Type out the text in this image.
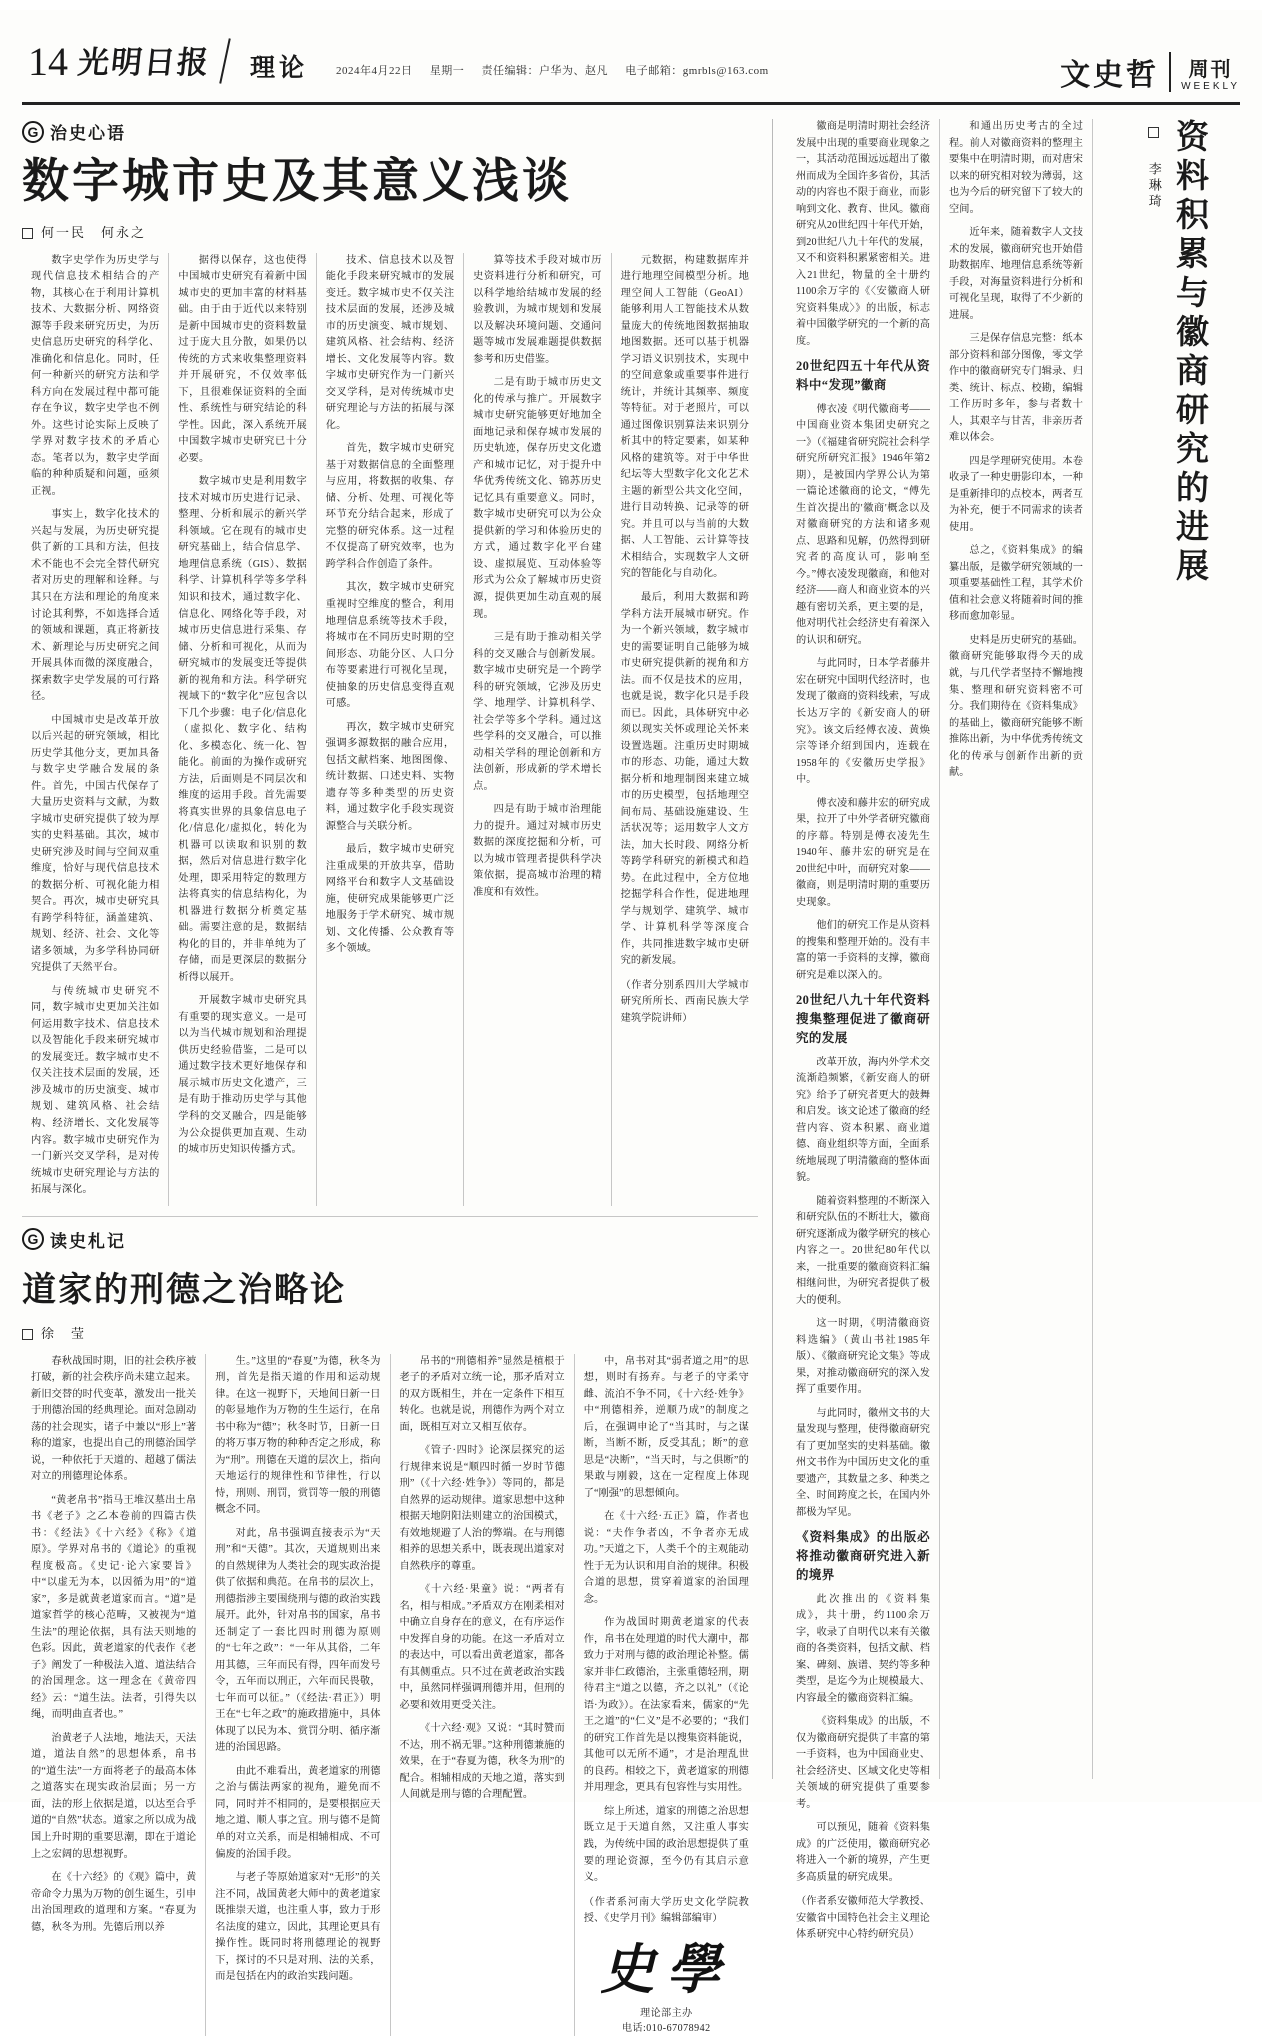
14 光明日报	理论	2024年4月22日 星期一 责任编辑：户华为、赵凡 电子邮箱：gmrbls@163.com	文史哲	周刊
WEEKLY
G 治史心语
数字城市史及其意义浅谈
何一民　何永之

数字史学作为历史学与现代信息技术相结合的产物，其核心在于利用计算机技术、大数据分析、网络资源等手段来研究历史，为历史信息历史研究的科学化、准确化和信息化。同时，任何一种新兴的研究方法和学科方向在发展过程中都可能存在争议，数字史学也不例外。这些讨论实际上反映了学界对数字技术的矛盾心态。笔者以为，数字史学面临的种种质疑和问题，亟须正视。

事实上，数字化技术的兴起与发展，为历史研究提供了新的工具和方法，但技术不能也不会完全替代研究者对历史的理解和诠释。与其只在方法和理论的角度来讨论其利弊，不如选择合适的领域和课题，真正将新技术、新理论与历史研究之间开展具体而微的深度融合，探索数字史学发展的可行路径。

中国城市史是改革开放以后兴起的研究领域，相比历史学其他分支，更加具备与数字史学融合发展的条件。首先，中国古代保存了大量历史资料与文献，为数字城市史研究提供了较为厚实的史料基础。其次，城市史研究涉及时间与空间双重维度，恰好与现代信息技术的数据分析、可视化能力相契合。再次，城市史研究具有跨学科特征，涵盖建筑、规划、经济、社会、文化等诸多领域，为多学科协同研究提供了天然平台。

与传统城市史研究不同，数字城市史更加关注如何运用数字技术、信息技术以及智能化手段来研究城市的发展变迁。数字城市史不仅关注技术层面的发展，还涉及城市的历史演变、城市规划、建筑风格、社会结构、经济增长、文化发展等内容。数字城市史研究作为一门新兴交叉学科，是对传统城市史研究理论与方法的拓展与深化。

据得以保存，这也使得中国城市史研究有着新中国城市史的更加丰富的材料基础。由于由于近代以来特别是新中国城市史的资料数量过于庞大且分散，如果仍以传统的方式来收集整理资料并开展研究，不仅效率低下，且很难保证资料的全面性、系统性与研究结论的科学性。因此，深入系统开展中国数字城市史研究已十分必要。

数字城市史是利用数字技术对城市历史进行记录、整理、分析和展示的新兴学科领域。它在现有的城市史研究基础上，结合信息学、地理信息系统（GIS）、数据科学、计算机科学等多学科知识和技术，通过数字化、信息化、网络化等手段，对城市历史信息进行采集、存储、分析和可视化，从而为研究城市的发展变迁等提供新的视角和方法。科学研究视域下的“数字化”应包含以下几个步骤：电子化/信息化（虚拟化、数字化、结构化、多模态化、统一化、智能化。前面的为操作或研究方法，后面则是不同层次和维度的运用手段。首先需要将真实世界的具象信息电子化/信息化/虚拟化，转化为机器可以读取和识别的数据，然后对信息进行数字化处理，即采用特定的数理方法将真实的信息结构化，为机器进行数据分析奠定基础。需要注意的是，数据结构化的目的，并非单纯为了存储，而是更深层的数据分析得以展开。

开展数字城市史研究具有重要的现实意义。一是可以为当代城市规划和治理提供历史经验借鉴，二是可以通过数字技术更好地保存和展示城市历史文化遗产，三是有助于推动历史学与其他学科的交叉融合，四是能够为公众提供更加直观、生动的城市历史知识传播方式。

技术、信息技术以及智能化手段来研究城市的发展变迁。数字城市史不仅关注技术层面的发展，还涉及城市的历史演变、城市规划、建筑风格、社会结构、经济增长、文化发展等内容。数字城市史研究作为一门新兴交叉学科，是对传统城市史研究理论与方法的拓展与深化。

首先，数字城市史研究基于对数据信息的全面整理与应用，将数据的收集、存储、分析、处理、可视化等环节充分结合起来，形成了完整的研究体系。这一过程不仅提高了研究效率，也为跨学科合作创造了条件。

其次，数字城市史研究重视时空维度的整合，利用地理信息系统等技术手段，将城市在不同历史时期的空间形态、功能分区、人口分布等要素进行可视化呈现，使抽象的历史信息变得直观可感。

再次，数字城市史研究强调多源数据的融合应用，包括文献档案、地图图像、统计数据、口述史料、实物遗存等多种类型的历史资料，通过数字化手段实现资源整合与关联分析。

最后，数字城市史研究注重成果的开放共享，借助网络平台和数字人文基础设施，使研究成果能够更广泛地服务于学术研究、城市规划、文化传播、公众教育等多个领域。

算等技术手段对城市历史资料进行分析和研究，可以科学地给结城市发展的经验教训，为城市规划和发展以及解决环境问题、交通问题等城市发展难题提供数据参考和历史借鉴。

二是有助于城市历史文化的传承与推广。开展数字城市史研究能够更好地加全面地记录和保存城市发展的历史轨迹，保存历史文化遗产和城市记忆，对于提升中华优秀传统文化、锦苏历史记忆具有重要意义。同时，数字城市史研究可以为公众提供新的学习和体验历史的方式，通过数字化平台建设、虚拟展览、互动体验等形式为公众了解城市历史资源，提供更加生动直观的展现。

三是有助于推动相关学科的交叉融合与创新发展。数字城市史研究是一个跨学科的研究领域，它涉及历史学、地理学、计算机科学、社会学等多个学科。通过这些学科的交叉融合，可以推动相关学科的理论创新和方法创新，形成新的学术增长点。

四是有助于城市治理能力的提升。通过对城市历史数据的深度挖掘和分析，可以为城市管理者提供科学决策依据，提高城市治理的精准度和有效性。

元数据，构建数据库并进行地理空间模型分析。地理空间人工智能（GeoAI）能够利用人工智能技术从数量庞大的传统地图数据抽取地图数据。还可以基于机器学习语义识别技术，实现中的空间意象或重要事件进行统计，并统计其频率、频度等特征。对于老照片，可以通过图像识别算法来识别分析其中的特定要素，如某种风格的建筑等。对于中华世纪坛等大型数字化文化艺术主题的新型公共文化空间，进行目动转换、记录等的研究。并且可以与当前的大数据、人工智能、云计算等技术相结合，实现数字人文研究的智能化与自动化。

最后，利用大数据和跨学科方法开展城市研究。作为一个新兴领域，数字城市史的需要证明自己能够为城市史研究提供新的视角和方法。而不仅是技术的应用，也就是说，数字化只是手段而已。因此，具体研究中必须以现实关怀或理论关怀来设置选题。注重历史时期城市的形态、功能，通过大数据分析和地理制图来建立城市的历史模型，包括地理空间布局、基础设施建设、生活状况等；运用数字人文方法，加大长时段、网络分析等跨学科研究的新模式和趋势。在此过程中，全方位地挖掘学科合作性，促进地理学与规划学、建筑学、城市学、计算机科学等深度合作，共同推进数字城市史研究的新发展。

（作者分别系四川大学城市研究所所长、西南民族大学建筑学院讲师）

G 读史札记
道家的刑德之治略论
徐　莹

春秋战国时期，旧的社会秩序被打破，新的社会秩序尚未建立起来。新旧交替的时代变革，激发出一批关于刑德治国的经典理论。面对急剧动荡的社会现实，诸子中兼以“形上”著称的道家，也提出自己的刑德治国学说，一种依托于天道的、超越了儒法对立的刑德理论体系。

“黄老帛书”指马王堆汉墓出土帛书《老子》之乙本卷前的四篇古佚书：《经法》《十六经》《称》《道原》。学界对帛书的《道论》的重视程度极高。《史记·论六家要旨》中“以虚无为本，以因循为用”的“道家”，多是就黄老道家而言。“道”是道家哲学的核心范畴，又被视为“道生法”的理论依据，具有法天则地的色彩。因此，黄老道家的代表作《老子》阐发了一种极法入道、道法结合的治国理念。这一理念在《黄帝四经》云：“道生法。法者，引得失以绳，而明曲直者也。”

治黄老子人法地，地法天，天法道，道法自然”的思想体系，帛书的“道生法”一方面将老子的最高本体之道落实在现实政治层面；另一方面，法的形上依据是道，以达至合乎道的“自然”状态。道家之所以成为战国上升时期的重要思潮，即在于道论上之宏阔的思想视野。

在《十六经》的《观》篇中，黄帝命令力黑为万物的创生诞生，引申出治国理政的道理和方案。“春夏为德，秋冬为刑。先德后刑以养

生。”这里的“春夏”为德，秋冬为刑，首先是指天道的作用和运动规律。在这一视野下，天地间日新一日的彰显地作为万物的生生运行，在帛书中称为“德”；秋冬时节，日新一日的将万事万物的种种否定之形成，称为“刑”。刑德在天道的层次上，指向天地运行的规律性和节律性，行以恃，刑则、刑罚，赏罚等一般的刑德概念不同。

对此，帛书强调直接表示为“天刑”和“天德”。其次，天道规则出来的自然规律为人类社会的现实政治提供了依据和典范。在帛书的层次上，刑德指涉主要围绕刑与德的政治实践展开。此外，针对帛书的国家，帛书还制定了一套比四时刑德为原则的“七年之政”：“一年从其俗，二年用其德，三年而民有得，四年而发号令，五年而以刑正，六年而民畏敬，七年而可以征。”（《经法·君正》）明王在“七年之政”的施政措施中，具体体现了以民为本、赏罚分明、循序渐进的治国思路。

由此不难看出，黄老道家的刑德之治与儒法两家的视角，避免而不同，同时并不相同的，是要根据应天地之道、顺人事之宜。刑与德不是简单的对立关系，而是相辅相成、不可偏废的治国手段。

与老子等原始道家对“无形”的关注不同，战国黄老大师中的黄老道家既推崇天道，也注重人事，致力于形名法度的建立，因此，其理论更具有操作性。既同时将刑德理论的视野下，探讨的不只是对刑、法的关系，而是包括在内的政治实践问题。

吊书的“刑德相养”显然是植根于老子的矛盾对立统一论，那矛盾对立的双方既相生，并在一定条件下相互转化。也就是说，刑德作为两个对立面，既相互对立又相互依存。

《管子·四时》论深层探究的运行规律来说是“顺四时循一岁时节德刑”（《十六经·姓争》）等同的，都是自然界的运动规律。道家思想中这种根据天地阴阳法则建立的治国模式，有效地规避了人治的弊端。在与刑德相养的思想关系中，既表现出道家对自然秩序的尊重。

《十六经·果童》说：“两者有名，相与相成。”矛盾双方在刚柔相对中确立自身存在的意义，在有序运作中发挥自身的功能。在这一矛盾对立的表达中，可以看出黄老道家，都各有其侧重点。只不过在黄老政治实践中，虽然同样强调刑德并用，但刑的必要和效用更受关注。

《十六经·观》又说：“其时赞而不达，刑不祸无罪。”这种刑德兼施的效果，在于“春夏为德，秋冬为刑”的配合。相辅相成的天地之道，落实到人间就是刑与德的合理配置。

中，帛书对其“弱者道之用”的思想，则时有扬弃。与老子的守柔守雌、流泊不争不同，《十六经·姓争》中“刑德相养，逆顺乃成”的制度之后，在强调申论了“当其时，与之谋断，当断不断，反受其乱；断”的意思是“决断”，“当天时，与之俱断”的果敢与刚毅，这在一定程度上体现了“刚强”的思想倾向。

在《十六经·五正》篇，作者也说：“夫作争者凶，不争者亦无成功。”天道之下，人类千个的主观能动性于无为认识和用自治的规律。积极合道的思想，贯穿着道家的治国理念。

作为战国时期黄老道家的代表作，帛书在处理道的时代大潮中，都致力于对刑与德的政治理论补整。儒家并非仁政德治，主张重德轻刑，期待君主“道之以德，齐之以礼”（《论语·为政》）。在法家看来，儒家的“先王之道”的“仁义”是不必要的；“我们的研究工作首先是以搜集资料能说，其他可以无所不通”，才是治理乱世的良药。相较之下，黄老道家的刑德并用理念，更具有包容性与实用性。

综上所述，道家的刑德之治思想既立足于天道自然，又注重人事实践，为传统中国的政治思想提供了重要的理论资源，至今仍有其启示意义。

（作者系河南大学历史文化学院教授、《史学月刊》编辑部编审）

史學
理论部主办
电话:010-67078942

徽商是明清时期社会经济发展中出现的重要商业现象之一，其活动范围远远超出了徽州而成为全国许多省份，其活动的内容也不限于商业，而影响到文化、教育、世风。徽商研究从20世纪四十年代开始，到20世纪八九十年代的发展，又不和资料积累紧密相关。进入21世纪，物量的全十册约1100余万字的《〈安徽商人研究资料集成〉》的出版，标志着中国徽学研究的一个新的高度。

20世纪四五十年代从资料中“发现”徽商

傅衣凌《明代徽商考——中国商业资本集团史研究之一》（《福建省研究院社会科学研究所研究汇报》1946年第2期），是被国内学界公认为第一篇论述徽商的论文，“傅先生首次提出的'徽商'概念以及对徽商研究的方法和诸多观点、思路和见解，仍然得到研究者的高度认可，影响至今。”傅衣凌发现徽商，和他对经济——商人和商业资本的兴趣有密切关系，更主要的是，他对明代社会经济史有着深入的认识和研究。

与此同时，日本学者藤井宏在研究中国明代经济时，也发现了徽商的资料线索，写成长达万字的《新安商人的研究》。该文后经傅衣凌、黄焕宗等译介绍到国内，连载在1958年的《安徽历史学报》中。

傅衣凌和藤井宏的研究成果，拉开了中外学者研究徽商的序幕。特别是傅衣凌先生1940年、藤井宏的研究是在20世纪中叶，而研究对象——徽商，则是明清时期的重要历史现象。

他们的研究工作是从资料的搜集和整理开始的。没有丰富的第一手资料的支撑，徽商研究是难以深入的。

20世纪八九十年代资料搜集整理促进了徽商研究的发展

改革开放，海内外学术交流渐趋频繁，《新安商人的研究》给予了研究者更大的鼓舞和启发。该文论述了徽商的经营内容、资本积累、商业道德、商业组织等方面，全面系统地展现了明清徽商的整体面貌。

随着资料整理的不断深入和研究队伍的不断壮大，徽商研究逐渐成为徽学研究的核心内容之一。20世纪80年代以来，一批重要的徽商资料汇编相继问世，为研究者提供了极大的便利。

这一时期，《明清徽商资料选编》（黄山书社1985年版）、《徽商研究论文集》等成果，对推动徽商研究的深入发挥了重要作用。

与此同时，徽州文书的大量发现与整理，使得徽商研究有了更加坚实的史料基础。徽州文书作为中国历史文化的重要遗产，其数量之多、种类之全、时间跨度之长，在国内外都极为罕见。

《资料集成》的出版必将推动徽商研究进入新的境界

此次推出的《资料集成》，共十册，约1100余万字，收录了自明代以来有关徽商的各类资料，包括文献、档案、碑刻、族谱、契约等多种类型，是迄今为止规模最大、内容最全的徽商资料汇编。

《资料集成》的出版，不仅为徽商研究提供了丰富的第一手资料，也为中国商业史、社会经济史、区域文化史等相关领域的研究提供了重要参考。

可以预见，随着《资料集成》的广泛使用，徽商研究必将进入一个新的境界，产生更多高质量的研究成果。

（作者系安徽师范大学教授、安徽省中国特色社会主义理论体系研究中心特约研究员）

和通出历史考古的全过程。前人对徽商资料的整理主要集中在明清时期，而对唐宋以来的研究相对较为薄弱，这也为今后的研究留下了较大的空间。

近年来，随着数字人文技术的发展，徽商研究也开始借助数据库、地理信息系统等新手段，对海量资料进行分析和可视化呈现，取得了不少新的进展。

三是保存信息完整：纸本部分资料和部分图像，零文学作中的徽商研究专门辑录、归类、统计、标点、校勘，编辑工作历时多年，参与者数十人，其艰辛与甘苦，非亲历者难以体会。

四是学理研究使用。本卷收录了一种史册影印本，一种是重新排印的点校本，两者互为补充，便于不同需求的读者使用。

总之，《资料集成》的编纂出版，是徽学研究领域的一项重要基础性工程，其学术价值和社会意义将随着时间的推移而愈加彰显。

史料是历史研究的基础。徽商研究能够取得今天的成就，与几代学者坚持不懈地搜集、整理和研究资料密不可分。我们期待在《资料集成》的基础上，徽商研究能够不断推陈出新，为中华优秀传统文化的传承与创新作出新的贡献。

资料积累与徽商研究的进展
李琳琦
